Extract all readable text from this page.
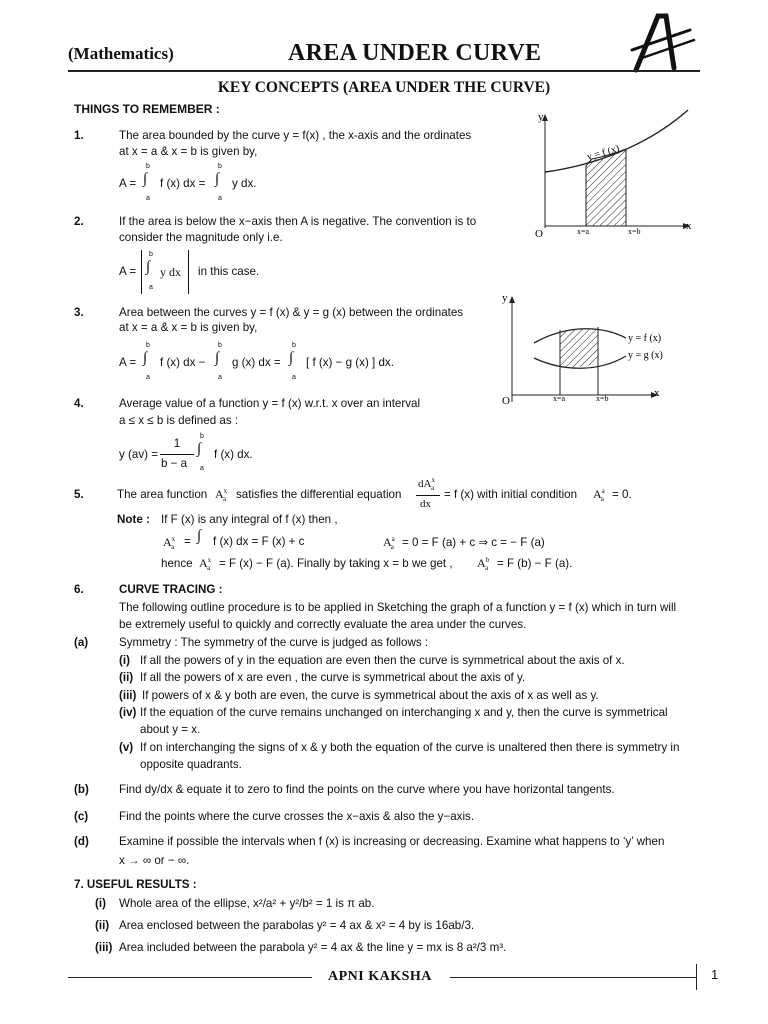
(Mathematics)	AREA UNDER CURVE
KEY CONCEPTS (AREA UNDER THE CURVE)
THINGS TO REMEMBER :
1.	The area bounded by the curve y = f(x) , the x-axis and the ordinates
at x = a & x = b is given by,
A =
b
∫
a
f (x) dx =
b
∫
a
y dx.
2.	If the area is below the x−axis then A is negative. The convention is to
consider the magnitude only i.e.
A =
b
∫
a
y dx in this case.
3.	Area between the curves y = f (x) & y = g (x) between the ordinates
at x = a & x = b is given by,
A =
b
∫
a
f (x) dx −
b
∫
a
g (x) dx =
b
∫
a
[ f (x) − g (x) ] dx.
4.	Average value of a function y = f (x) w.r.t. x over an interval
a ≤ x ≤ b is defined as :
y (av) =
1
b − a
b
∫
a
f (x) dx.
5.	The area function $A^x_a$ satisfies the differential equation
$dA^x_a$
dx
= f (x) with initial condition $A^a_a = 0$.
Note : If F (x) is any integral of f (x) then ,
$A^x_a$ = ∫ f (x) dx = F (x) + c	$A^a_a = 0 = F$ (a) + c ⇒ c = − F (a)
hence $A^x_a = F$ (x) − F (a). Finally by taking x = b we get , $A^b_a = F$ (b) − F (a).
6.	CURVE TRACING :
The following outline procedure is to be applied in Sketching the graph of a function y = f (x) which in turn will
be extremely useful to quickly and correctly evaluate the area under the curves.
(a)	Symmetry : The symmetry of the curve is judged as follows :
(i) If all the powers of y in the equation are even then the curve is symmetrical about the axis of x.
(ii) If all the powers of x are even , the curve is symmetrical about the axis of y.
(iii) If powers of x & y both are even, the curve is symmetrical about the axis of x as well as y.
(iv) If the equation of the curve remains unchanged on interchanging x and y, then the curve is symmetrical
about y = x.
(v) If on interchanging the signs of x & y both the equation of the curve is unaltered then there is symmetry in
opposite quadrants.
(b)	Find dy/dx & equate it to zero to find the points on the curve where you have horizontal tangents.
(c)	Find the points where the curve crosses the x−axis & also the y−axis.
(d)	Examine if possible the intervals when f (x) is increasing or decreasing. Examine what happens to ‘y’ when
x → ∞ or − ∞.
7. USEFUL RESULTS :
(i) Whole area of the ellipse, x²/a² + y²/b² = 1 is π ab.
(ii) Area enclosed between the parabolas y² = 4 ax & x² = 4 by is 16ab/3.
(iii) Area included between the parabola y² = 4 ax & the line y = mx is 8 a²/3 m³.
y
x
O
y = f (x)
x=a	x=b
y
x
O
y = f (x)
y = g (x)
x=a	x=b
APNI KAKSHA	1
